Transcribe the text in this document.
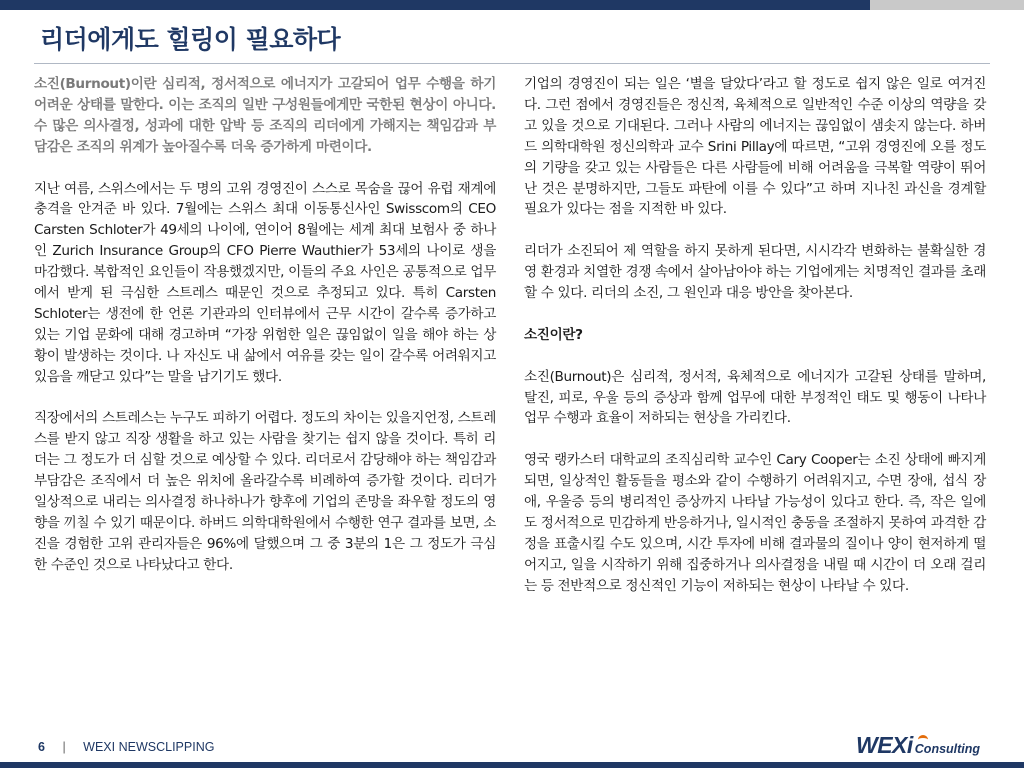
리더에게도 힐링이 필요하다

소진(Burnout)이란 심리적, 정서적으로 에너지가 고갈되어 업무 수행을 하기 어려운 상태를 말한다. 이는 조직의 일반 구성원들에게만 국한된 현상이 아니다. 수 많은 의사결정, 성과에 대한 압박 등 조직의 리더에게 가해지는 책임감과 부담감은 조직의 위계가 높아질수록 더욱 증가하게 마련이다.

지난 여름, 스위스에서는 두 명의 고위 경영진이 스스로 목숨을 끊어 유럽 재계에 충격을 안겨준 바 있다. 7월에는 스위스 최대 이동통신사인 Swisscom의 CEO Carsten Schloter가 49세의 나이에, 연이어 8월에는 세계 최대 보험사 중 하나인 Zurich Insurance Group의 CFO Pierre Wauthier가 53세의 나이로 생을 마감했다. 복합적인 요인들이 작용했겠지만, 이들의 주요 사인은 공통적으로 업무에서 받게 된 극심한 스트레스 때문인 것으로 추정되고 있다. 특히 Carsten Schloter는 생전에 한 언론 기관과의 인터뷰에서 근무 시간이 갈수록 증가하고 있는 기업 문화에 대해 경고하며 “가장 위험한 일은 끊임없이 일을 해야 하는 상황이 발생하는 것이다. 나 자신도 내 삶에서 여유를 갖는 일이 갈수록 어려워지고 있음을 깨닫고 있다”는 말을 남기기도 했다.

직장에서의 스트레스는 누구도 피하기 어렵다. 정도의 차이는 있을지언정, 스트레스를 받지 않고 직장 생활을 하고 있는 사람을 찾기는 쉽지 않을 것이다. 특히 리더는 그 정도가 더 심할 것으로 예상할 수 있다. 리더로서 감당해야 하는 책임감과 부담감은 조직에서 더 높은 위치에 올라갈수록 비례하여 증가할 것이다. 리더가 일상적으로 내리는 의사결정 하나하나가 향후에 기업의 존망을 좌우할 정도의 영향을 끼칠 수 있기 때문이다. 하버드 의학대학원에서 수행한 연구 결과를 보면, 소진을 경험한 고위 관리자들은 96%에 달했으며 그 중 3분의 1은 그 정도가 극심한 수준인 것으로 나타났다고 한다.

기업의 경영진이 되는 일은 ‘별을 달았다’라고 할 정도로 쉽지 않은 일로 여겨진다. 그런 점에서 경영진들은 정신적, 육체적으로 일반적인 수준 이상의 역량을 갖고 있을 것으로 기대된다. 그러나 사람의 에너지는 끊임없이 샘솟지 않는다. 하버드 의학대학원 정신의학과 교수 Srini Pillay에 따르면, “고위 경영진에 오를 정도의 기량을 갖고 있는 사람들은 다른 사람들에 비해 어려움을 극복할 역량이 뛰어난 것은 분명하지만, 그들도 파탄에 이를 수 있다”고 하며 지나친 과신을 경계할 필요가 있다는 점을 지적한 바 있다.

리더가 소진되어 제 역할을 하지 못하게 된다면, 시시각각 변화하는 불확실한 경영 환경과 치열한 경쟁 속에서 살아남아야 하는 기업에게는 치명적인 결과를 초래할 수 있다. 리더의 소진, 그 원인과 대응 방안을 찾아본다.

소진이란?

소진(Burnout)은 심리적, 정서적, 육체적으로 에너지가 고갈된 상태를 말하며, 탈진, 피로, 우울 등의 증상과 함께 업무에 대한 부정적인 태도 및 행동이 나타나 업무 수행과 효율이 저하되는 현상을 가리킨다.

영국 랭카스터 대학교의 조직심리학 교수인 Cary Cooper는 소진 상태에 빠지게 되면, 일상적인 활동들을 평소와 같이 수행하기 어려워지고, 수면 장애, 섭식 장애, 우울증 등의 병리적인 증상까지 나타날 가능성이 있다고 한다. 즉, 작은 일에도 정서적으로 민감하게 반응하거나, 일시적인 충동을 조절하지 못하여 과격한 감정을 표출시킬 수도 있으며, 시간 투자에 비해 결과물의 질이나 양이 현저하게 떨어지고, 일을 시작하기 위해 집중하거나 의사결정을 내릴 때 시간이 더 오래 걸리는 등 전반적으로 정신적인 기능이 저하되는 현상이 나타날 수 있다.

6 | WEXI NEWSCLIPPING	WEXi Consulting
